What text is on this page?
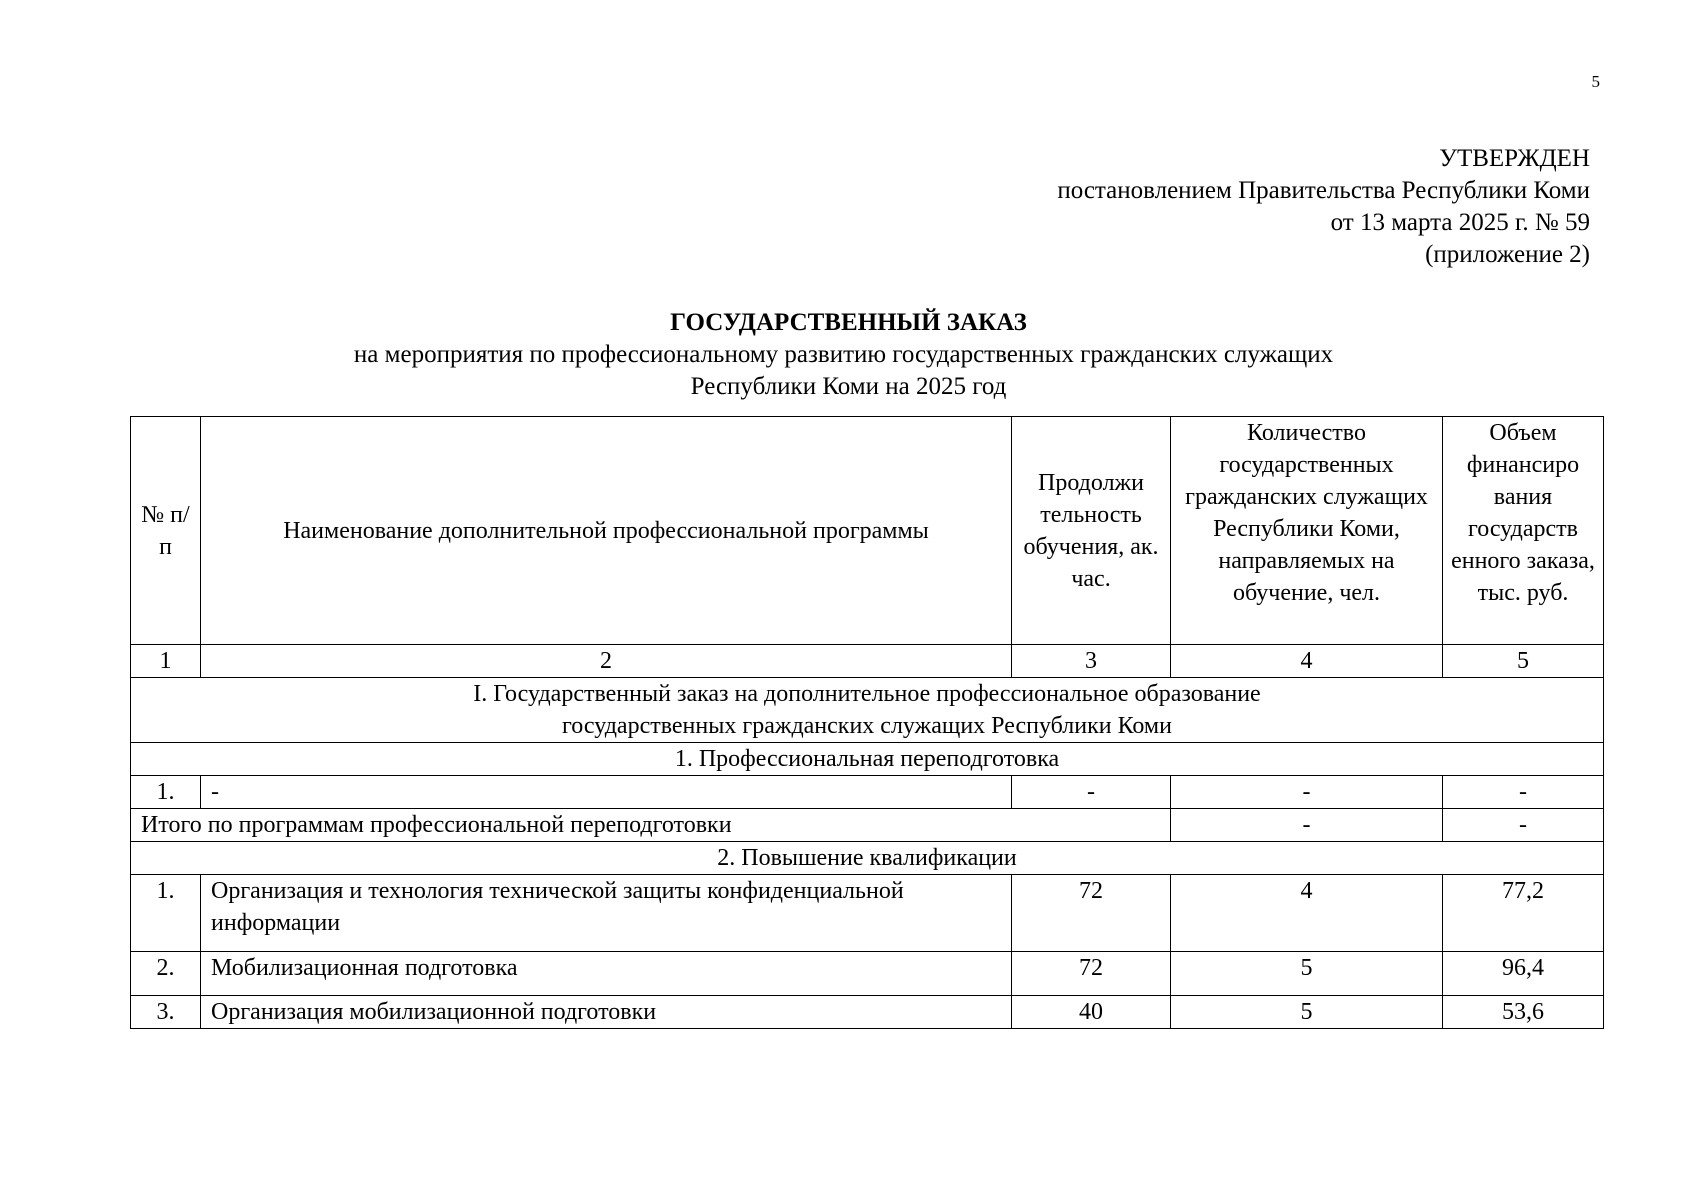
5
УТВЕРЖДЕН
постановлением Правительства Республики Коми
от 13 марта 2025 г. № 59
(приложение 2)
ГОСУДАРСТВЕННЫЙ ЗАКАЗ
на мероприятия по профессиональному развитию государственных гражданских служащих
Республики Коми на 2025 год
№ п/п	Наименование дополнительной профессиональной программы	Продолжи тельность обучения, ак. час.	Количество государственных гражданских служащих Республики Коми, направляемых на обучение, чел.	Объем финансиро вания государств енного заказа, тыс. руб.
1	2	3	4	5

I. Государственный заказ на дополнительное профессиональное образование
государственных гражданских служащих Республики Коми				

1. Профессиональная переподготовка				
1.	-	-	-	-
Итого по программам профессиональной переподготовки			-	-
2. Повышение квалификации				
1.	Организация и технология технической защиты конфиденциальной информации	72	4	77,2
2.	Мобилизационная подготовка	72	5	96,4
3.	Организация мобилизационной подготовки	40	5	53,6
